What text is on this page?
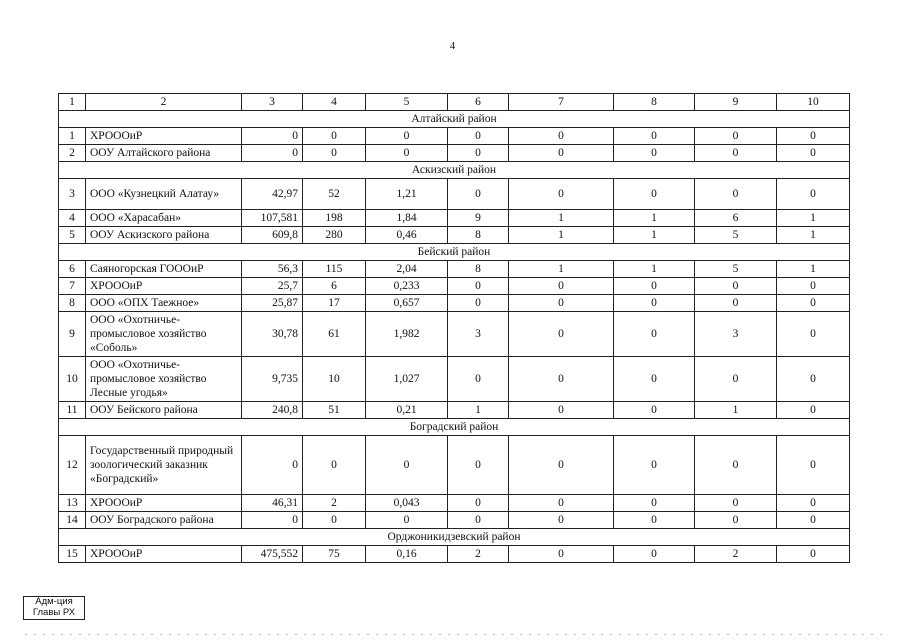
4
1	2	3	4	5	6	7	8	9	10
Алтайский район									
1	ХРОООиР	0	0	0	0	0	0	0	0
2	ООУ Алтайского района	0	0	0	0	0	0	0	0
Аскизский район									
3	ООО «Кузнецкий Алатау»	42,97	52	1,21	0	0	0	0	0
4	ООО «Харасабан»	107,581	198	1,84	9	1	1	6	1
5	ООУ Аскизского района	609,8	280	0,46	8	1	1	5	1
Бейский район									
6	Саяногорская ГОООиР	56,3	115	2,04	8	1	1	5	1
7	ХРОООиР	25,7	6	0,233	0	0	0	0	0
8	ООО «ОПХ Таежное»	25,87	17	0,657	0	0	0	0	0
9	ООО «Охотничье-промысловое хозяйство «Соболь»	30,78	61	1,982	3	0	0	3	0
10	ООО «Охотничье-промысловое хозяйство Лесные угодья»	9,735	10	1,027	0	0	0	0	0
11	ООУ Бейского района	240,8	51	0,21	1	0	0	1	0
Боградский район									
12	Государственный природный зоологический заказник «Боградский»	0	0	0	0	0	0	0	0
13	ХРОООиР	46,31	2	0,043	0	0	0	0	0
14	ООУ Боградского района	0	0	0	0	0	0	0	0
Орджоникидзевский район									
15	ХРОООиР	475,552	75	0,16	2	0	0	2	0
Адм-ция
Главы РХ
